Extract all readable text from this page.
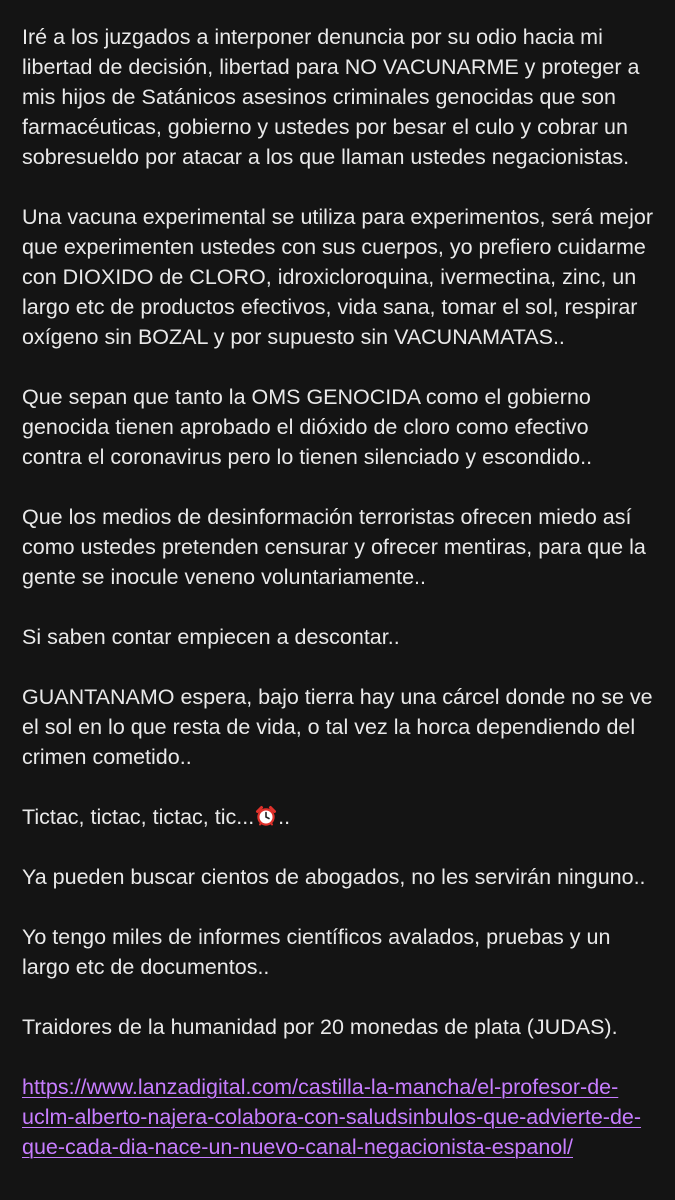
Iré a los juzgados a interponer denuncia por su odio hacia mi
libertad de decisión, libertad para NO VACUNARME y proteger a
mis hijos de Satánicos asesinos criminales genocidas que son
farmacéuticas, gobierno y ustedes por besar el culo y cobrar un
sobresueldo por atacar a los que llaman ustedes negacionistas.
Una vacuna experimental se utiliza para experimentos, será mejor
que experimenten ustedes con sus cuerpos, yo prefiero cuidarme
con DIOXIDO de CLORO, idroxicloroquina, ivermectina, zinc, un
largo etc de productos efectivos, vida sana, tomar el sol, respirar
oxígeno sin BOZAL y por supuesto sin VACUNAMATAS..
Que sepan que tanto la OMS GENOCIDA como el gobierno
genocida tienen aprobado el dióxido de cloro como efectivo
contra el coronavirus pero lo tienen silenciado y escondido..
Que los medios de desinformación terroristas ofrecen miedo así
como ustedes pretenden censurar y ofrecer mentiras, para que la
gente se inocule veneno voluntariamente..
Si saben contar empiecen a descontar..
GUANTANAMO espera, bajo tierra hay una cárcel donde no se ve
el sol en lo que resta de vida, o tal vez la horca dependiendo del
crimen cometido..
Tictac, tictac, tictac, tic... ..
Ya pueden buscar cientos de abogados, no les servirán ninguno..
Yo tengo miles de informes científicos avalados, pruebas y un
largo etc de documentos..
Traidores de la humanidad por 20 monedas de plata (JUDAS).
https://www.lanzadigital.com/castilla-la-mancha/el-profesor-de-
uclm-alberto-najera-colabora-con-saludsinbulos-que-advierte-de-
que-cada-dia-nace-un-nuevo-canal-negacionista-espanol/
